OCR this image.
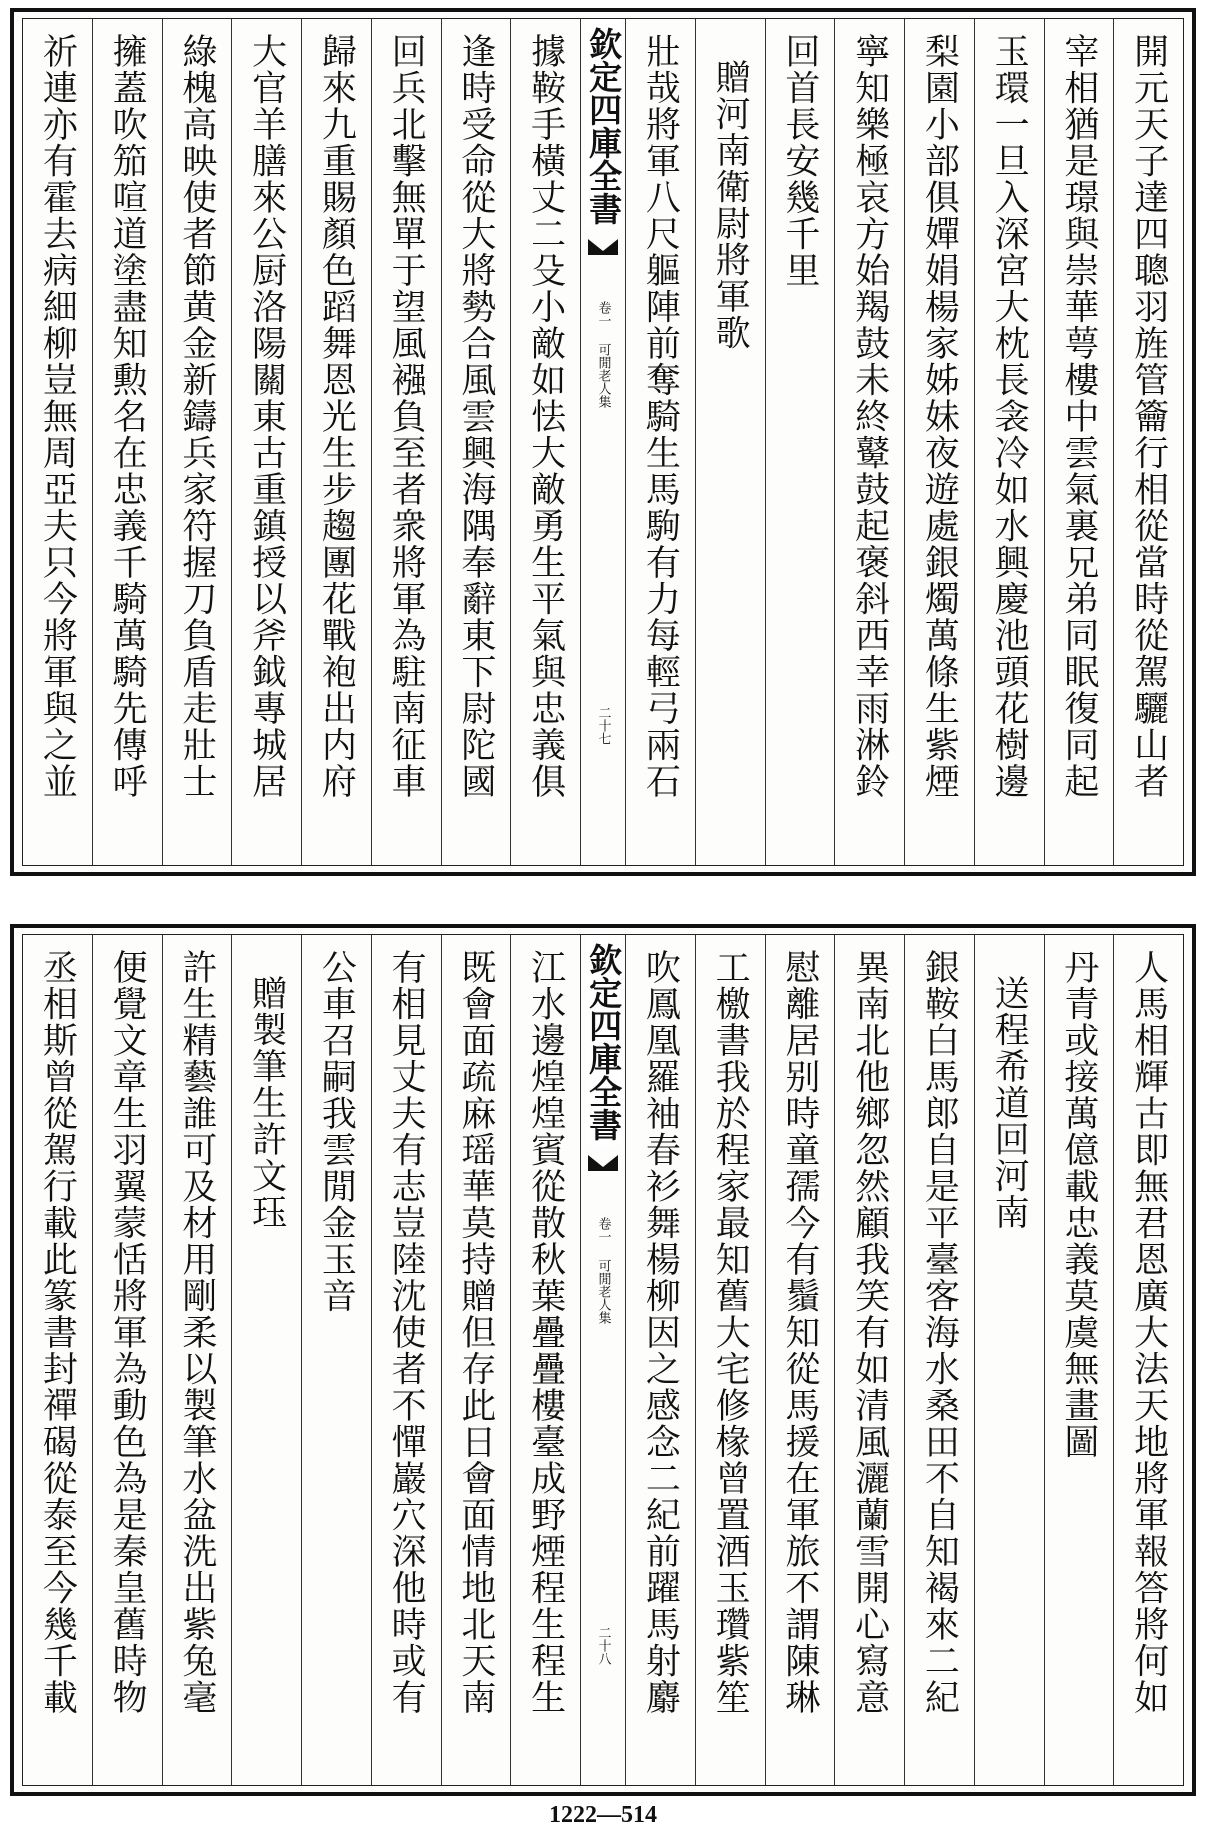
開元天子達四聰羽旌管籥行相從當時從駕驪山者
宰相猶是璟與崇華萼樓中雲氣裏兄弟同眠復同起
玉環一旦入深宮大枕長衾冷如水興慶池頭花樹邊
梨園小部俱嬋娟楊家姊妹夜遊處銀燭萬條生紫煙
寧知樂極哀方始羯鼓未終鼙鼓起褒斜西幸雨淋鈴
回首長安幾千里
贈河南衛尉將軍歌
壯哉將軍八尺軀陣前奪騎生馬駒有力每輕弓兩石
欽定四庫全書
卷一
可閒老人集
二十七
據鞍手橫丈二殳小敵如怯大敵勇生平氣與忠義俱
逢時受命從大將勢合風雲興海隅奉辭東下尉陀國
回兵北擊無單于望風襁負至者衆將軍為駐南征車
歸來九重賜顏色蹈舞恩光生步趨團花戰袍出内府
大官羊膳來公厨洛陽關東古重鎮授以斧鉞專城居
綠槐高映使者節黄金新鑄兵家符握刀負盾走壯士
擁蓋吹笳喧道塗盡知勲名在忠義千騎萬騎先傳呼
祈連亦有霍去病細柳豈無周亞夫只今將軍與之並
人馬相輝古即無君恩廣大法天地將軍報答將何如
丹青或接萬億載忠義莫虞無畫圖
送程希道回河南
銀鞍白馬郎自是平臺客海水桑田不自知褐來二紀
異南北他鄉忽然顧我笑有如清風灑蘭雪開心寫意
慰離居别時童孺今有鬚知從馬援在軍旅不謂陳琳
工檄書我於程家最知舊大宅修椽曾置酒玉瓚紫笙
吹鳳凰羅袖春衫舞楊柳因之感念二紀前躍馬射麝
欽定四庫全書
卷一
可閒老人集
二十八
江水邊煌煌賓從散秋葉疊疊樓臺成野煙程生程生
既會面疏麻瑶華莫持贈但存此日會面情地北天南
有相見丈夫有志豈陸沈使者不憚巖穴深他時或有
公車召嗣我雲閒金玉音
贈製筆生許文珏
許生精藝誰可及材用剛柔以製筆水盆洗出紫兔毫
便覺文章生羽翼蒙恬將軍為動色為是秦皇舊時物
丞相斯曾從駕行載此篆書封禪碣從泰至今幾千載
1222—514
